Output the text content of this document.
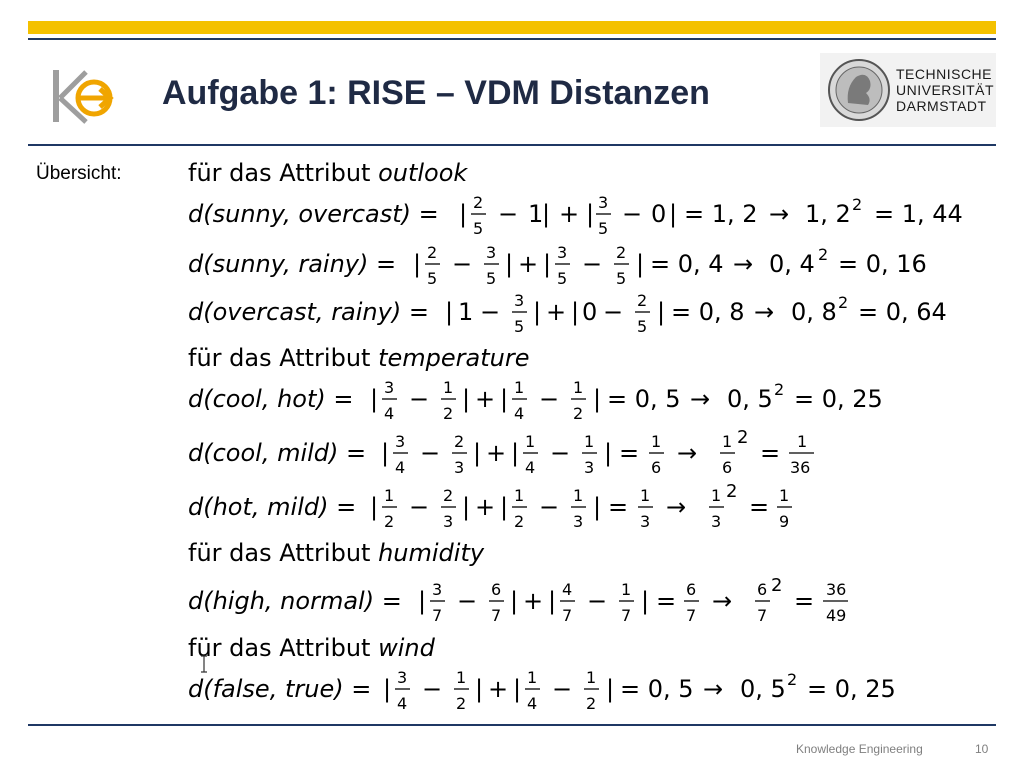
Aufgabe 1: RISE – VDM Distanzen	TECHNISCHE
UNIVERSITÄT
DARMSTADT
Übersicht:	für das Attribut outlook
d(sunny, overcast) = | 2
5
− 1
| + | 3
5
− 0 | = 1, 2 → 1, 2 2 = 1, 44
d(sunny, rainy) = | 2
5
− 3
5
| + | 3
5
− 2
5
| = 0, 4 → 0, 4 2 = 0, 16
d(overcast, rainy) = | 1 − 3
5
| + | 0 − 2
5
| = 0, 8 → 0, 8 2 = 0, 64
für das Attribut temperature
d(cool, hot) = | 3
4
− 1
2
| + | 1
4
− 1
2
| = 0, 5 → 0, 5 2 = 0, 25
d(cool, mild) = | 3
4
− 2
3
| + | 1
4
− 1
3
| = 1
6
→ 1
6
2
= 1
36
d(hot, mild) = | 1
2
− 2
3
| + | 1
2
− 1
3
| = 1
3
→ 1
3
2
= 1
9
für das Attribut humidity
d(high, normal) = | 3
7
− 6
7
| + | 4
7
− 1
7
| = 6
7
→ 6
7
2
= 36
49
für das Attribut wind
d(false, true) = | 3
4
− 1
2
| + | 1
4
− 1
2
| = 0, 5 → 0, 5 2 = 0, 25
Knowledge Engineering	10
